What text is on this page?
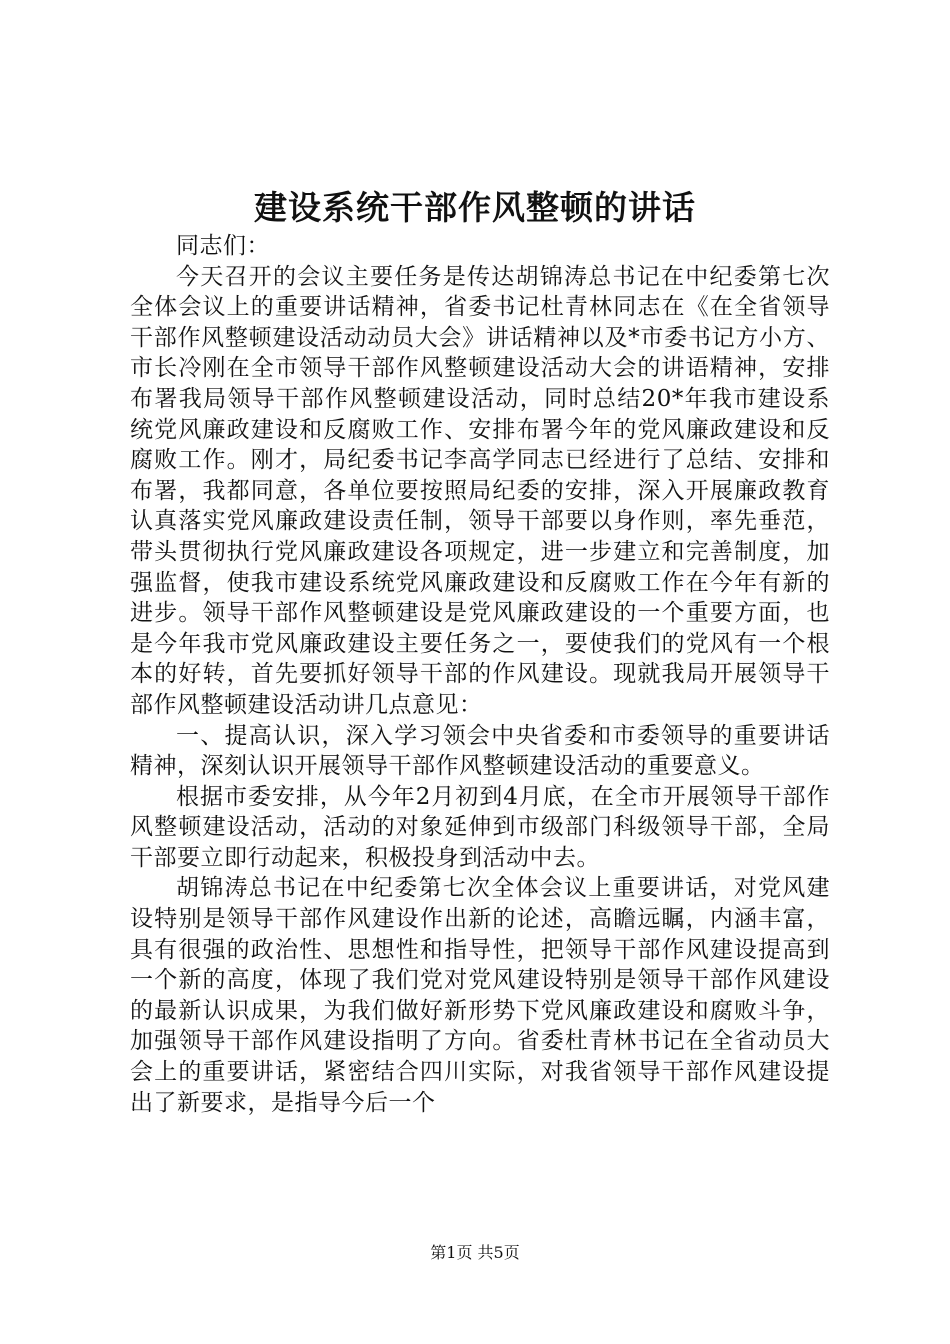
建设系统干部作风整顿的讲话

同志们：

今天召开的会议主要任务是传达胡锦涛总书记在中纪委第七次全体会议上的重要讲话精神，省委书记杜青林同志在《在全省领导干部作风整顿建设活动动员大会》讲话精神以及*市委书记方小方、市长冷刚在全市领导干部作风整顿建设活动大会的讲语精神，安排布署我局领导干部作风整顿建设活动，同时总结20*年我市建设系统党风廉政建设和反腐败工作、安排布署今年的党风廉政建设和反腐败工作。刚才，局纪委书记李高学同志已经进行了总结、安排和布署，我都同意，各单位要按照局纪委的安排，深入开展廉政教育认真落实党风廉政建设责任制，领导干部要以身作则，率先垂范，带头贯彻执行党风廉政建设各项规定，进一步建立和完善制度，加强监督，使我市建设系统党风廉政建设和反腐败工作在今年有新的进步。领导干部作风整顿建设是党风廉政建设的一个重要方面，也是今年我市党风廉政建设主要任务之一，要使我们的党风有一个根本的好转，首先要抓好领导干部的作风建设。现就我局开展领导干部作风整顿建设活动讲几点意见：

一、提高认识，深入学习领会中央省委和市委领导的重要讲话精神，深刻认识开展领导干部作风整顿建设活动的重要意义。

根据市委安排，从今年2月初到4月底，在全市开展领导干部作风整顿建设活动，活动的对象延伸到市级部门科级领导干部，全局干部要立即行动起来，积极投身到活动中去。

胡锦涛总书记在中纪委第七次全体会议上重要讲话，对党风建设特别是领导干部作风建设作出新的论述，高瞻远瞩，内涵丰富，具有很强的政治性、思想性和指导性，把领导干部作风建设提高到一个新的高度，体现了我们党对党风建设特别是领导干部作风建设的最新认识成果，为我们做好新形势下党风廉政建设和腐败斗争，加强领导干部作风建设指明了方向。省委杜青林书记在全省动员大会上的重要讲话，紧密结合四川实际，对我省领导干部作风建设提出了新要求，是指导今后一个

第1页 共5页
